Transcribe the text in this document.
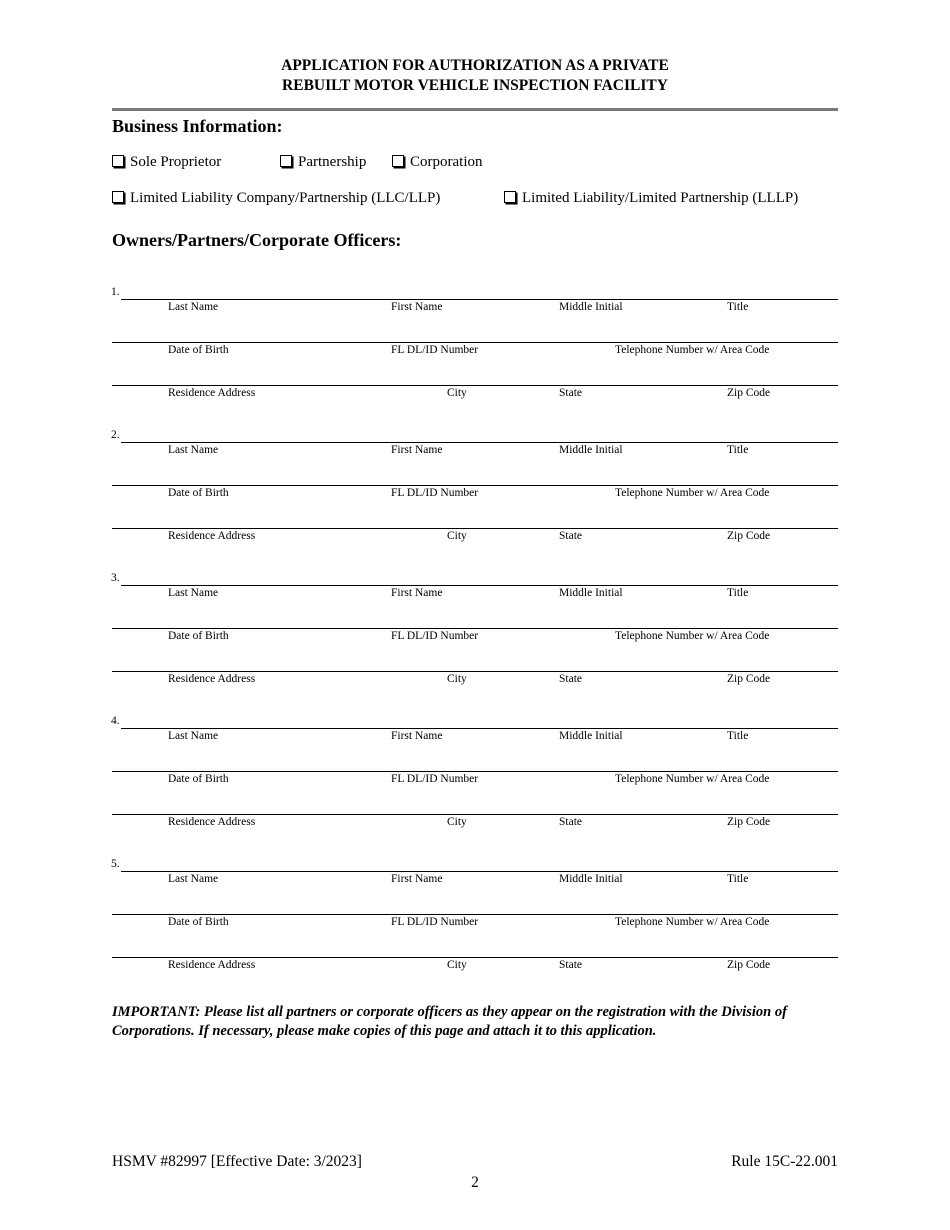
APPLICATION FOR AUTHORIZATION AS A PRIVATE
REBUILT MOTOR VEHICLE INSPECTION FACILITY
Business Information:
Sole Proprietor	Partnership	Corporation
Limited Liability Company/Partnership (LLC/LLP)	Limited Liability/Limited Partnership (LLLP)
Owners/Partners/Corporate Officers:
1.
Last Name	First Name	Middle Initial	Title
Date of Birth	FL DL/ID Number	Telephone Number w/ Area Code
Residence Address	City	State	Zip Code
2.
Last Name	First Name	Middle Initial	Title
Date of Birth	FL DL/ID Number	Telephone Number w/ Area Code
Residence Address	City	State	Zip Code
3.
Last Name	First Name	Middle Initial	Title
Date of Birth	FL DL/ID Number	Telephone Number w/ Area Code
Residence Address	City	State	Zip Code
4.
Last Name	First Name	Middle Initial	Title
Date of Birth	FL DL/ID Number	Telephone Number w/ Area Code
Residence Address	City	State	Zip Code
5.
Last Name	First Name	Middle Initial	Title
Date of Birth	FL DL/ID Number	Telephone Number w/ Area Code
Residence Address	City	State	Zip Code
IMPORTANT: Please list all partners or corporate officers as they appear on the registration with the Division of Corporations. If necessary, please make copies of this page and attach it to this application.
HSMV #82997 [Effective Date: 3/2023]	Rule 15C-22.001
2
